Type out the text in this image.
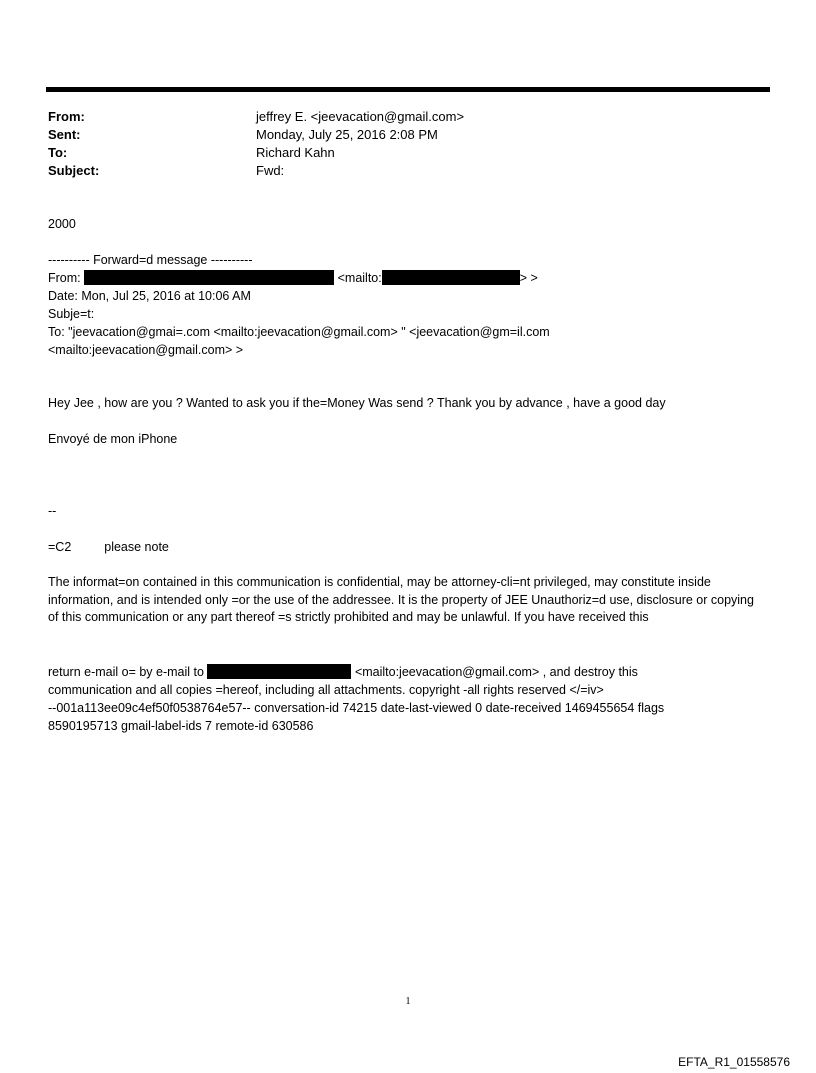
From:	jeffrey E. <jeevacation@gmail.com>
Sent:	Monday, July 25, 2016 2:08 PM
To:	Richard Kahn
Subject:	Fwd:
2000
---------- Forward=d message ----------
From:	<mailto:	> >
Date: Mon, Jul 25, 2016 at 10:06 AM
Subje=t:
To: "jeevacation@gmai=.com <mailto:jeevacation@gmail.com> " <jeevacation@gm=il.com
<mailto:jeevacation@gmail.com> >
Hey Jee , how are you ? Wanted to ask you if the=Money Was send ? Thank you by advance , have a good day
Envoyé de mon iPhone
--
=C2	please note
The informat=on contained in this communication is confidential, may be attorney-cli=nt privileged, may constitute inside information, and is intended only =or the use of the addressee. It is the property of JEE Unauthoriz=d use, disclosure or copying of this communication or any part thereof =s strictly prohibited and may be unlawful. If you have received this
return e-mail o= by e-mail to	<mailto:jeevacation@gmail.com> , and destroy this
communication and all copies =hereof, including all attachments. copyright -all rights reserved </=iv>
--001a113ee09c4ef50f0538764e57-- conversation-id 74215 date-last-viewed 0 date-received 1469455654 flags
8590195713 gmail-label-ids 7 remote-id 630586
1
EFTA_R1_01558576
